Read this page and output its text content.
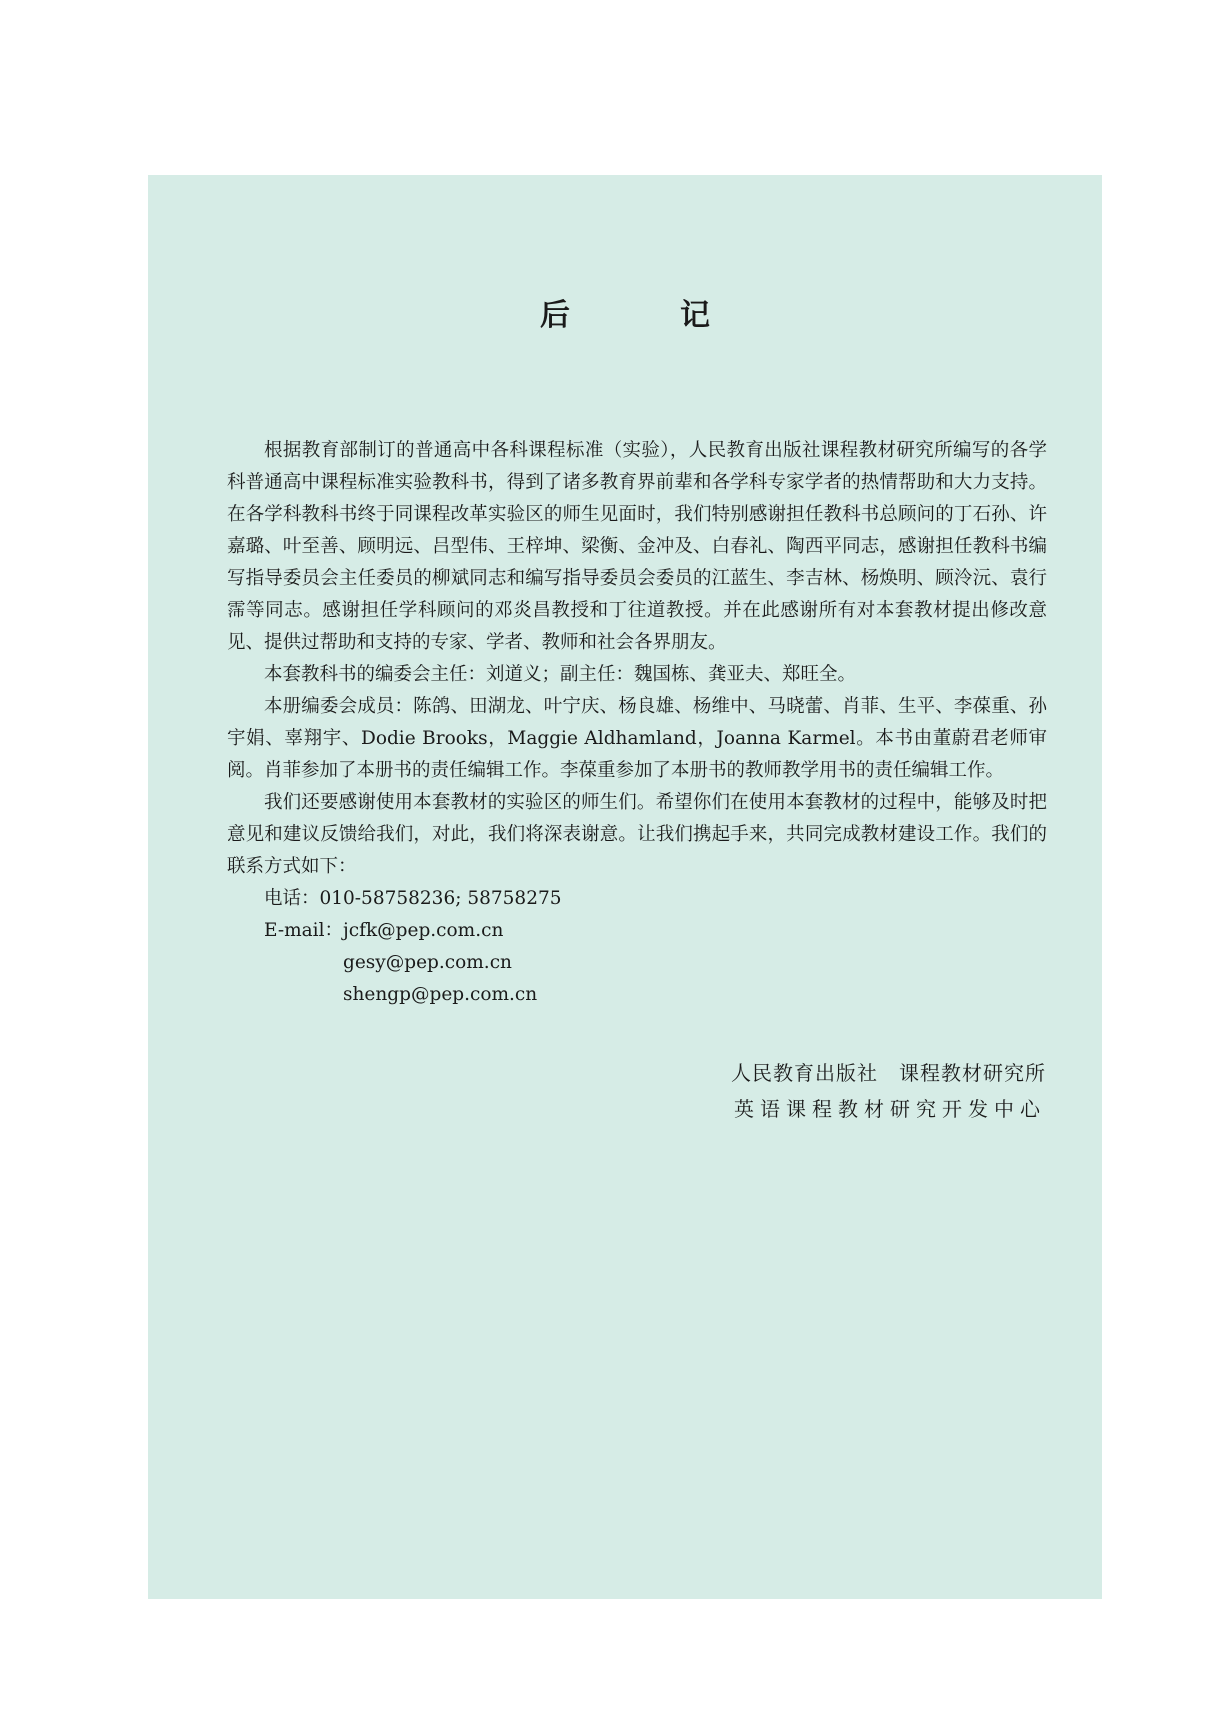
后　记

根据教育部制订的普通高中各科课程标准（实验），人民教育出版社课程教材研究所编写的各学科普通高中课程标准实验教科书，得到了诸多教育界前辈和各学科专家学者的热情帮助和大力支持。在各学科教科书终于同课程改革实验区的师生见面时，我们特别感谢担任教科书总顾问的丁石孙、许嘉璐、叶至善、顾明远、吕型伟、王梓坤、梁衡、金冲及、白春礼、陶西平同志，感谢担任教科书编写指导委员会主任委员的柳斌同志和编写指导委员会委员的江蓝生、李吉林、杨焕明、顾泠沅、袁行霈等同志。感谢担任学科顾问的邓炎昌教授和丁往道教授。并在此感谢所有对本套教材提出修改意见、提供过帮助和支持的专家、学者、教师和社会各界朋友。

本套教科书的编委会主任：刘道义；副主任：魏国栋、龚亚夫、郑旺全。

本册编委会成员：陈鸽、田湖龙、叶宁庆、杨良雄、杨维中、马晓蕾、肖菲、生平、李葆重、孙宇娟、辜翔宇、Dodie Brooks，Maggie Aldhamland，Joanna Karmel。本书由董蔚君老师审阅。肖菲参加了本册书的责任编辑工作。李葆重参加了本册书的教师教学用书的责任编辑工作。

我们还要感谢使用本套教材的实验区的师生们。希望你们在使用本套教材的过程中，能够及时把意见和建议反馈给我们，对此，我们将深表谢意。让我们携起手来，共同完成教材建设工作。我们的联系方式如下：

电话：010-58758236; 58758275

E-mail： jcfk@pep.com.cn
gesy@pep.com.cn
shengp@pep.com.cn
人民教育出版社　课程教材研究所
英语课程教材研究开发中心
